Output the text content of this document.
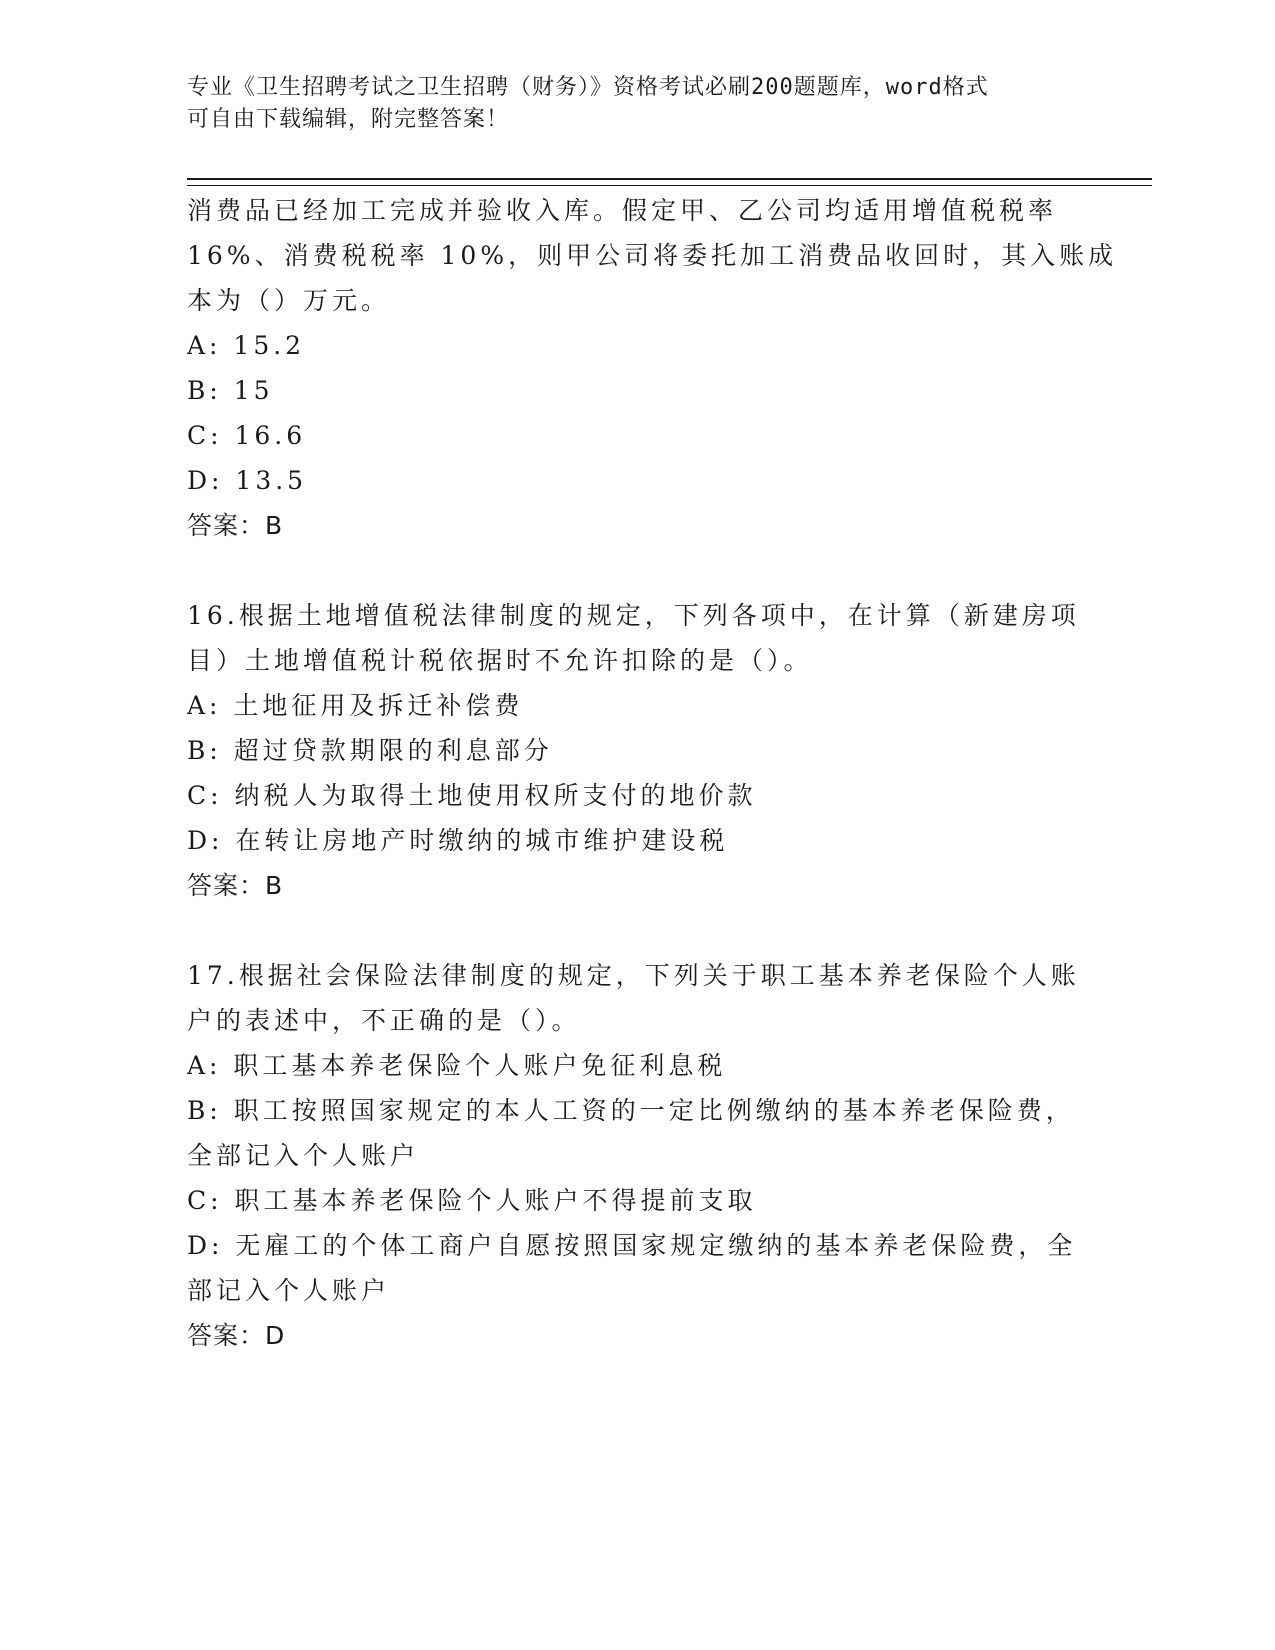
专业《卫生招聘考试之卫生招聘（财务）》资格考试必刷200题题库，word格式
可自由下载编辑，附完整答案！
消费品已经加工完成并验收入库。假定甲、乙公司均适用增值税税率
16%、消费税税率 10%，则甲公司将委托加工消费品收回时，其入账成
本为（）万元。
A: 15.2
B: 15
C: 16.6
D: 13.5
答案：B
16.根据土地增值税法律制度的规定，下列各项中，在计算（新建房项
目）土地增值税计税依据时不允许扣除的是（）。
A: 土地征用及拆迁补偿费
B: 超过贷款期限的利息部分
C: 纳税人为取得土地使用权所支付的地价款
D: 在转让房地产时缴纳的城市维护建设税
答案：B
17.根据社会保险法律制度的规定，下列关于职工基本养老保险个人账
户的表述中，不正确的是（）。
A: 职工基本养老保险个人账户免征利息税
B: 职工按照国家规定的本人工资的一定比例缴纳的基本养老保险费，
全部记入个人账户
C: 职工基本养老保险个人账户不得提前支取
D: 无雇工的个体工商户自愿按照国家规定缴纳的基本养老保险费，全
部记入个人账户
答案：D
